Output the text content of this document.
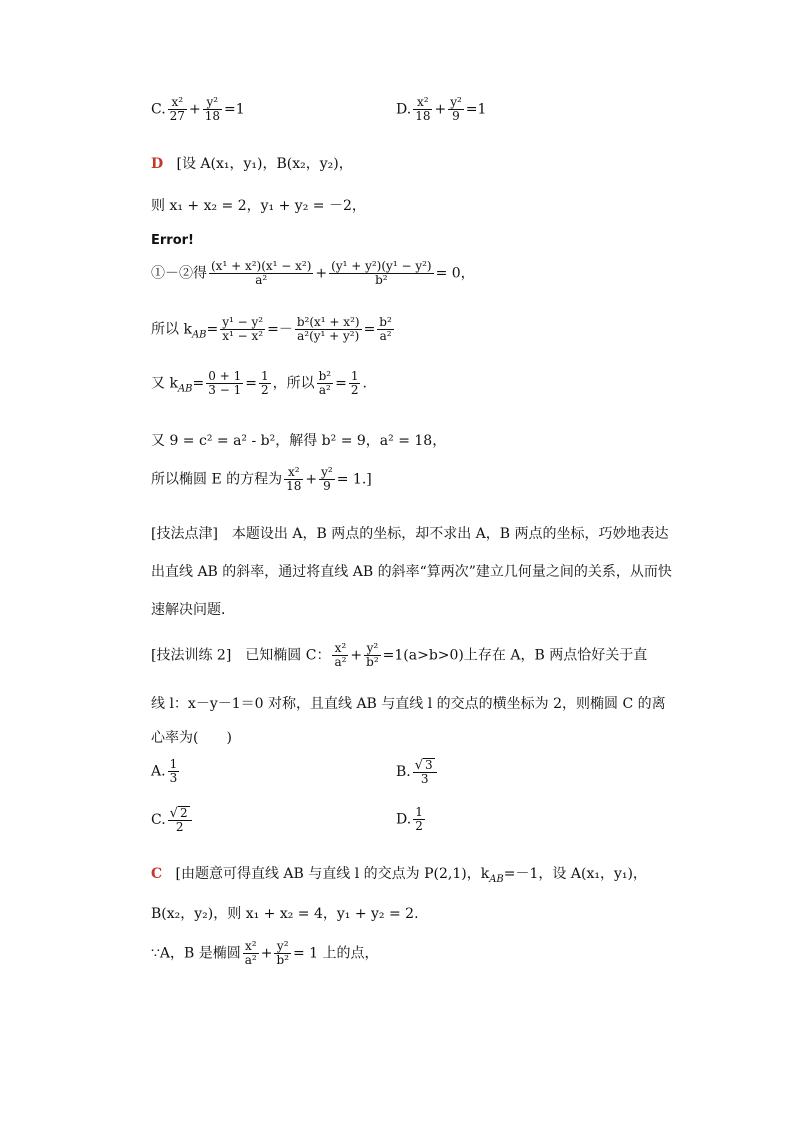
C. $\frac{\text{x²}}{27} + \frac{\text{y²}}{18} =1$	D. $\frac{\text{x²}}{18} + \frac{\text{y²}}{9} =1$
D [设 A(x₁，y₁)，B(x₂，y₂)，
则 x₁ + x₂ = 2，y₁ + y₂ = －2，
Error!
①－②得 $\frac{\text{(x¹ + x²)(x¹ − x²)}}{\text{a²}} + \frac{\text{(y¹ + y²)(y¹ − y²)}}{\text{b²}} = 0$，
所以 $k_{AB}= \frac{\text{y¹ − y²}}{\text{x¹ − x²}} =- \frac{\text{b²(x¹ + x²)}}{\text{a²(y¹ + y²)}} = \frac{\text{b²}}{\text{a²}}$
又 $k_{AB}= \frac{0 + 1}{3 - 1} = \frac{1}{2}$ ，所以 $\frac{\text{b²}}{\text{a²}} = \frac{1}{2}$ .
又 9 = c² = a² - b²，解得 b² = 9，a² = 18，
所以椭圆 E 的方程为 $\frac{\text{x²}}{18} + \frac{\text{y²}}{9} = 1$.]
[技法点津]　本题设出 A，B 两点的坐标，却不求出 A，B 两点的坐标，巧妙地表达出直线 AB 的斜率，通过将直线 AB 的斜率“算两次”建立几何量之间的关系，从而快速解决问题．
[技法训练 2]　已知椭圆 C： $\frac{\text{x²}}{\text{a²}} + \frac{\text{y²}}{\text{b²}} =1(a>b>0)$上存在 A，B 两点恰好关于直
线 l：x－y－1＝0 对称，且直线 AB 与直线 l 的交点的横坐标为 2，则椭圆 C 的离
心率为(　　)
A. $\frac{1}{3}$	B. $\frac{√ 3}{3}$
C. $\frac{√ 2}{2}$	D. $\frac{1}{2}$
C [由题意可得直线 AB 与直线 l 的交点为 P(2,1)，$k_{AB}=-1$，设 A(x₁，y₁)，
B(x₂，y₂)，则 x₁ + x₂ = 4，y₁ + y₂ = 2.
∵A，B 是椭圆 $\frac{\text{x²}}{\text{a²}} + \frac{\text{y²}}{\text{b²}} = 1$ 上的点，
